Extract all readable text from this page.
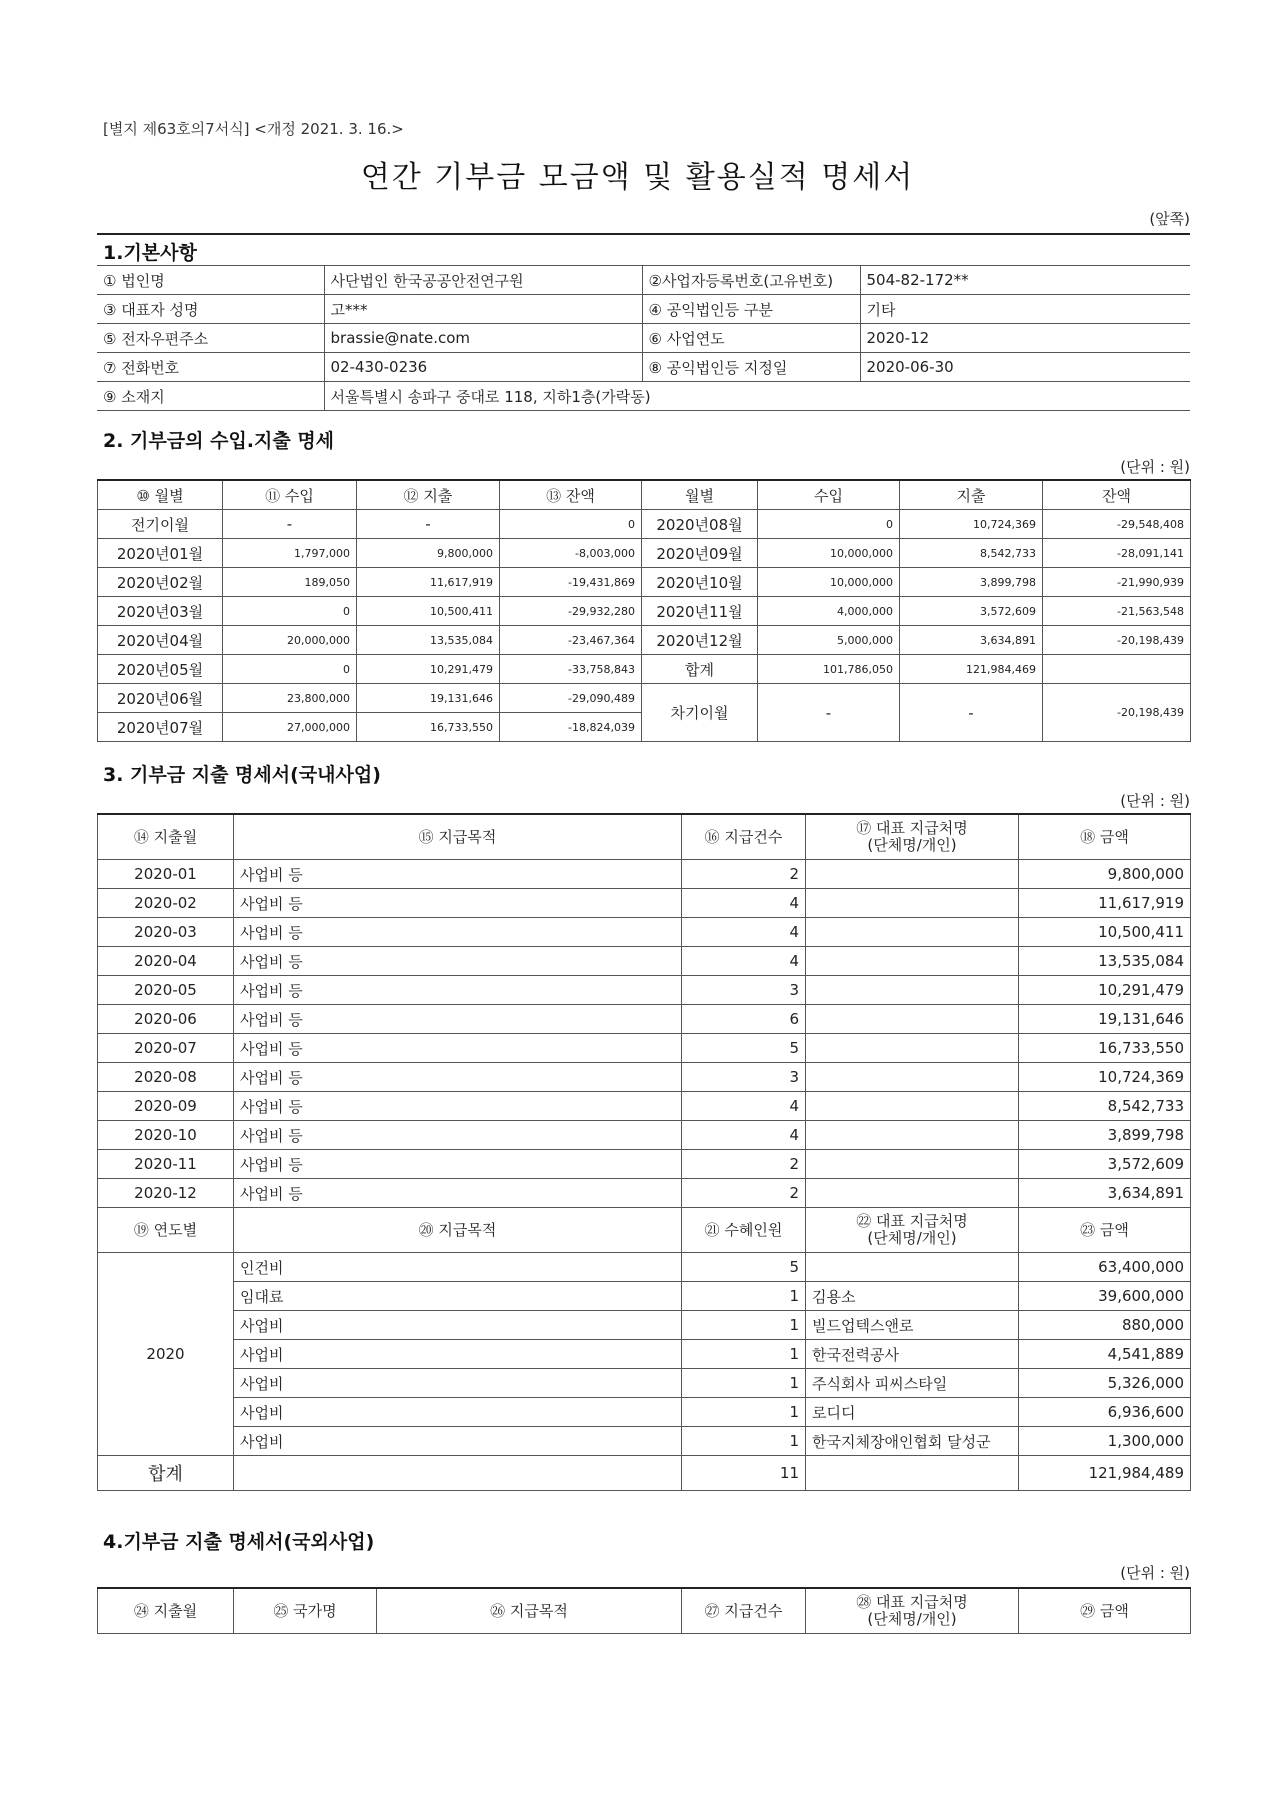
[별지 제63호의7서식] <개정 2021. 3. 16.>
연간 기부금 모금액 및 활용실적 명세서
(앞쪽)
1.기본사항
① 법인명	사단법인 한국공공안전연구원	②사업자등록번호(고유번호)	504-82-172**
③ 대표자 성명	고***	④ 공익법인등 구분	기타
⑤ 전자우편주소	brassie@nate.com	⑥ 사업연도	2020-12
⑦ 전화번호	02-430-0236	⑧ 공익법인등 지정일	2020-06-30
⑨ 소재지	서울특별시 송파구 중대로 118, 지하1층(가락동)		
2. 기부금의 수입.지출 명세
(단위 : 원)
⑩ 월별	⑪ 수입	⑫ 지출	⑬ 잔액	월별	수입	지출	잔액
전기이월	-	-	0	2020년08월	0	10,724,369	-29,548,408
2020년01월	1,797,000	9,800,000	-8,003,000	2020년09월	10,000,000	8,542,733	-28,091,141
2020년02월	189,050	11,617,919	-19,431,869	2020년10월	10,000,000	3,899,798	-21,990,939
2020년03월	0	10,500,411	-29,932,280	2020년11월	4,000,000	3,572,609	-21,563,548
2020년04월	20,000,000	13,535,084	-23,467,364	2020년12월	5,000,000	3,634,891	-20,198,439
2020년05월	0	10,291,479	-33,758,843	합계	101,786,050	121,984,469	
2020년06월	23,800,000	19,131,646	-29,090,489	차기이월	-	-	-20,198,439
2020년07월	27,000,000	16,733,550	-18,824,039				
3. 기부금 지출 명세서(국내사업)
(단위 : 원)
⑭ 지출월	⑮ 지급목적	⑯ 지급건수	⑰ 대표 지급처명
(단체명/개인)	⑱ 금액
2020-01	사업비 등	2		9,800,000
2020-02	사업비 등	4		11,617,919
2020-03	사업비 등	4		10,500,411
2020-04	사업비 등	4		13,535,084
2020-05	사업비 등	3		10,291,479
2020-06	사업비 등	6		19,131,646
2020-07	사업비 등	5		16,733,550
2020-08	사업비 등	3		10,724,369
2020-09	사업비 등	4		8,542,733
2020-10	사업비 등	4		3,899,798
2020-11	사업비 등	2		3,572,609
2020-12	사업비 등	2		3,634,891
⑲ 연도별	⑳ 지급목적	㉑ 수혜인원	㉒ 대표 지급처명
(단체명/개인)	㉓ 금액
2020	인건비	5		63,400,000
	임대료	1	김용소	39,600,000
	사업비	1	빌드업텍스앤로	880,000
	사업비	1	한국전력공사	4,541,889
	사업비	1	주식회사 피씨스타일	5,326,000
	사업비	1	로디디	6,936,600
	사업비	1	한국지체장애인협회 달성군	1,300,000
합계		11		121,984,489
4.기부금 지출 명세서(국외사업)
(단위 : 원)
㉔ 지출월	㉕ 국가명	㉖ 지급목적	㉗ 지급건수	㉘ 대표 지급처명
(단체명/개인)	㉙ 금액
